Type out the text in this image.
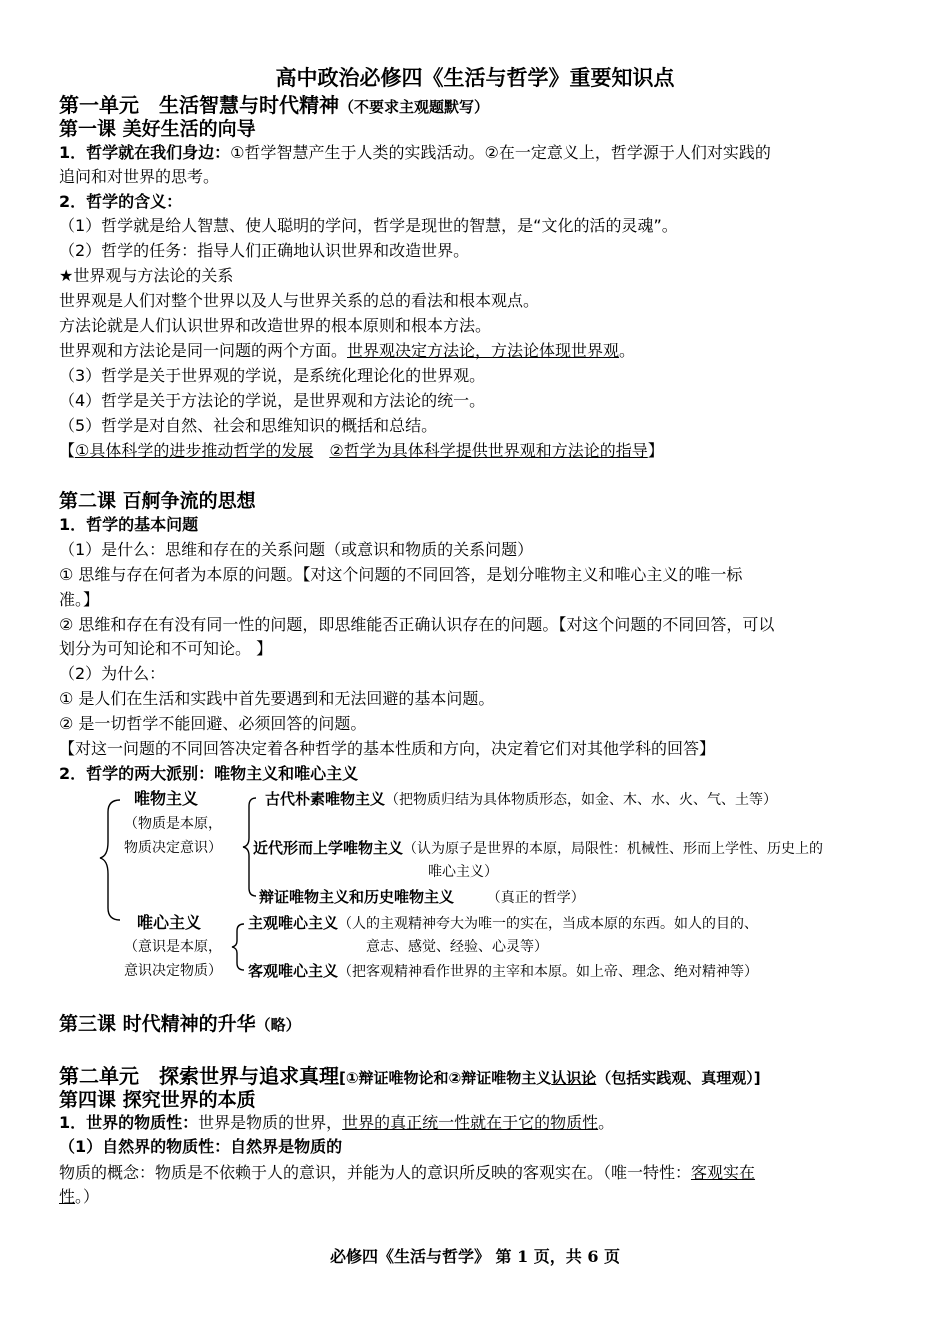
高中政治必修四《生活与哲学》重要知识点
第一单元　生活智慧与时代精神（不要求主观题默写）
第一课 美好生活的向导
1．哲学就在我们身边：①哲学智慧产生于人类的实践活动。②在一定意义上，哲学源于人们对实践的
追问和对世界的思考。
2．哲学的含义：
（1）哲学就是给人智慧、使人聪明的学问，哲学是现世的智慧，是“文化的活的灵魂”。
（2）哲学的任务：指导人们正确地认识世界和改造世界。
★世界观与方法论的关系
世界观是人们对整个世界以及人与世界关系的总的看法和根本观点。
方法论就是人们认识世界和改造世界的根本原则和根本方法。
世界观和方法论是同一问题的两个方面。世界观决定方法论，方法论体现世界观。
（3）哲学是关于世界观的学说，是系统化理论化的世界观。
（4）哲学是关于方法论的学说，是世界观和方法论的统一。
（5）哲学是对自然、社会和思维知识的概括和总结。
【①具体科学的进步推动哲学的发展　 ②哲学为具体科学提供世界观和方法论的指导】
第二课 百舸争流的思想
1．哲学的基本问题
（1）是什么：思维和存在的关系问题（或意识和物质的关系问题）
① 思维与存在何者为本原的问题。【对这个问题的不同回答，是划分唯物主义和唯心主义的唯一标
准。】
② 思维和存在有没有同一性的问题，即思维能否正确认识存在的问题。【对这个问题的不同回答，可以
划分为可知论和不可知论。 】
（2）为什么：
① 是人们在生活和实践中首先要遇到和无法回避的基本问题。
② 是一切哲学不能回避、必须回答的问题。
【对这一问题的不同回答决定着各种哲学的基本性质和方向，决定着它们对其他学科的回答】
2．哲学的两大派别：唯物主义和唯心主义
唯物主义
（物质是本原，
物质决定意识）
古代朴素唯物主义（把物质归结为具体物质形态，如金、木、水、火、气、土等）
近代形而上学唯物主义（认为原子是世界的本原，局限性：机械性、形而上学性、历史上的
唯心主义）
辩证唯物主义和历史唯物主义 （真正的哲学）
唯心主义
（意识是本原，
意识决定物质）
主观唯心主义（人的主观精神夸大为唯一的实在，当成本原的东西。如人的目的、
意志、感觉、经验、心灵等）
客观唯心主义（把客观精神看作世界的主宰和本原。如上帝、理念、绝对精神等）
第三课 时代精神的升华（略）
第二单元　探索世界与追求真理[①辩证唯物论和②辩证唯物主义认识论（包括实践观、真理观）]
第四课 探究世界的本质
1．世界的物质性：世界是物质的世界，世界的真正统一性就在于它的物质性。
（1）自然界的物质性：自然界是物质的
物质的概念：物质是不依赖于人的意识，并能为人的意识所反映的客观实在。（唯一特性：客观实在
性。）
必修四《生活与哲学》 第 1 页，共 6 页
